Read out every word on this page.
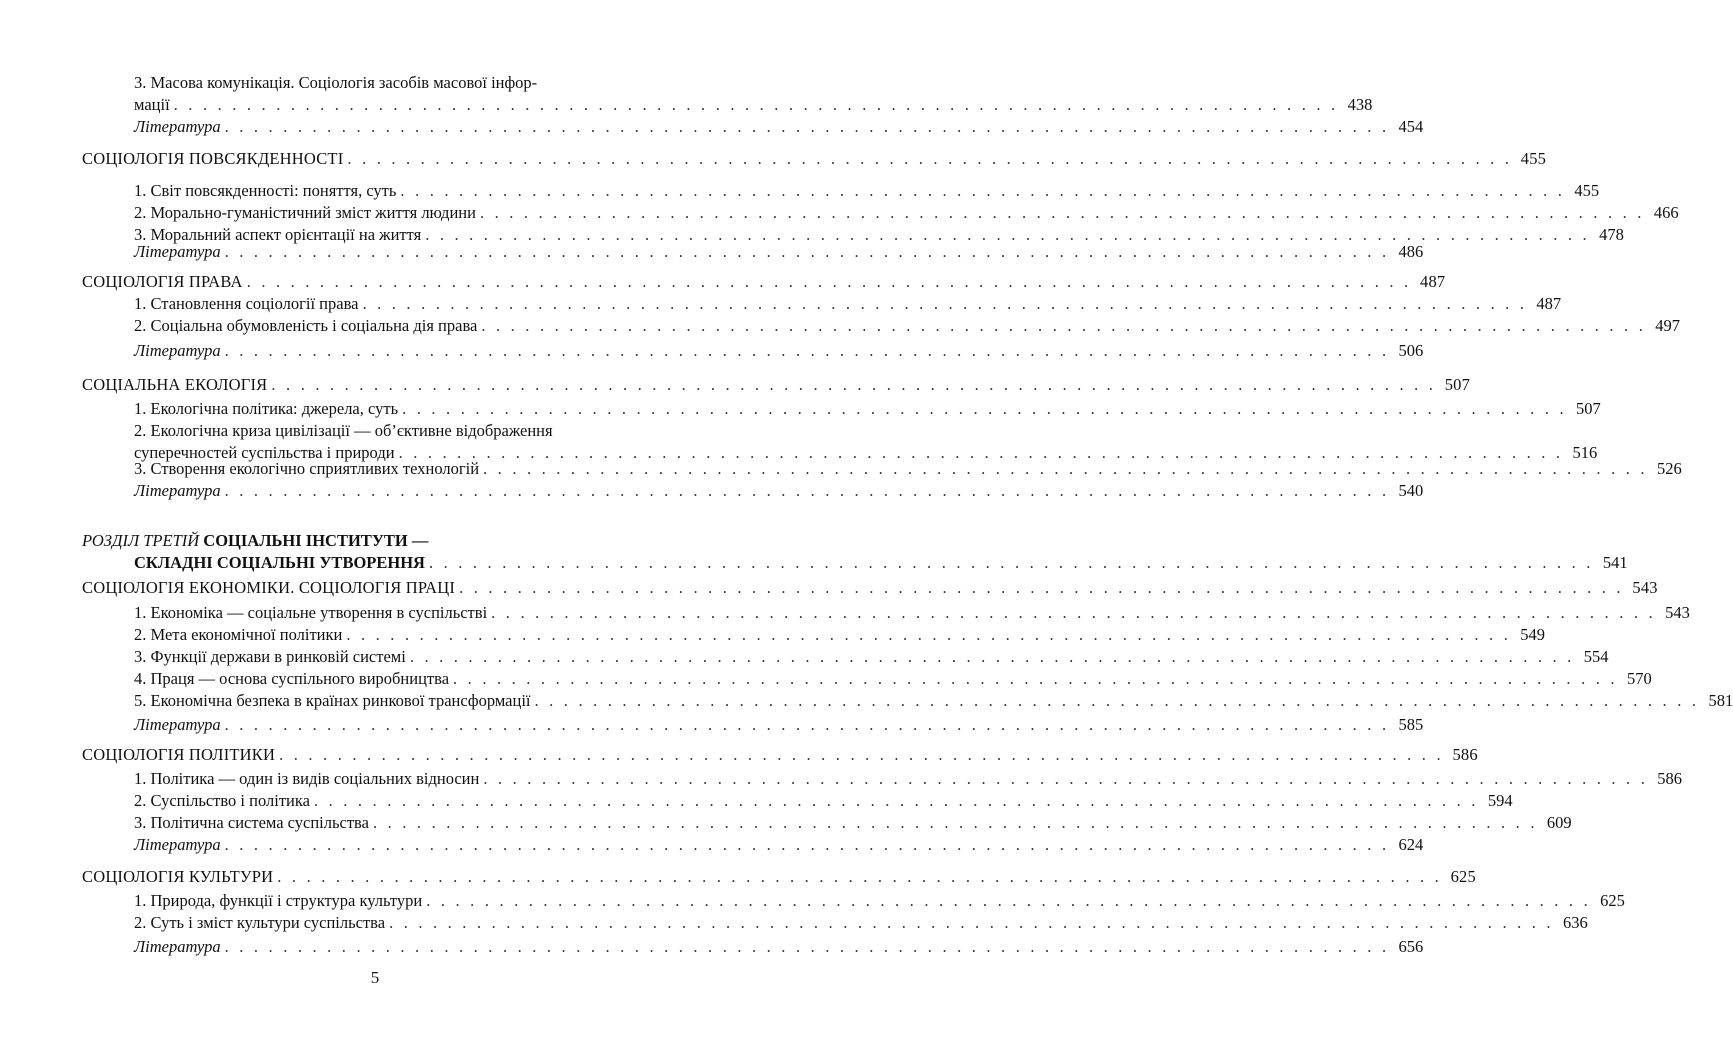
3. Масова комунікація. Соціологія засобів масової інфор-
мації . . . . . . . . . . . . . . . . . . . . . . . . . . . . . . . . . . . . . . . . . . . . . . . . . . . . . . . . . . . . . . . . . . . . . . . . . . . . . . . . 438
Література . . . . . . . . . . . . . . . . . . . . . . . . . . . . . . . . . . . . . . . . . . . . . . . . . . . . . . . . . . . . . . . . . . . . . . . . . . . . . . . . 454
СОЦІОЛОГІЯ ПОВСЯКДЕННОСТІ . . . . . . . . . . . . . . . . . . . . . . . . . . . . . . . . . . . . . . . . . . . . . . . . . . . . . . . . . . . . . . . . . . . . . . . . . . . . . . . . 455
1. Світ повсякденності: поняття, суть . . . . . . . . . . . . . . . . . . . . . . . . . . . . . . . . . . . . . . . . . . . . . . . . . . . . . . . . . . . . . . . . . . . . . . . . . . . . . . . . 455
2. Морально-гуманістичний зміст життя людини . . . . . . . . . . . . . . . . . . . . . . . . . . . . . . . . . . . . . . . . . . . . . . . . . . . . . . . . . . . . . . . . . . . . . . . . . . . . . . . . 466
3. Моральний аспект орієнтації на життя . . . . . . . . . . . . . . . . . . . . . . . . . . . . . . . . . . . . . . . . . . . . . . . . . . . . . . . . . . . . . . . . . . . . . . . . . . . . . . . . 478
Література . . . . . . . . . . . . . . . . . . . . . . . . . . . . . . . . . . . . . . . . . . . . . . . . . . . . . . . . . . . . . . . . . . . . . . . . . . . . . . . . 486
СОЦІОЛОГІЯ ПРАВА . . . . . . . . . . . . . . . . . . . . . . . . . . . . . . . . . . . . . . . . . . . . . . . . . . . . . . . . . . . . . . . . . . . . . . . . . . . . . . . . 487
1. Становлення соціології права . . . . . . . . . . . . . . . . . . . . . . . . . . . . . . . . . . . . . . . . . . . . . . . . . . . . . . . . . . . . . . . . . . . . . . . . . . . . . . . . 487
2. Соціальна обумовленість і соціальна дія права . . . . . . . . . . . . . . . . . . . . . . . . . . . . . . . . . . . . . . . . . . . . . . . . . . . . . . . . . . . . . . . . . . . . . . . . . . . . . . . . 497
Література . . . . . . . . . . . . . . . . . . . . . . . . . . . . . . . . . . . . . . . . . . . . . . . . . . . . . . . . . . . . . . . . . . . . . . . . . . . . . . . . 506
СОЦІАЛЬНА ЕКОЛОГІЯ . . . . . . . . . . . . . . . . . . . . . . . . . . . . . . . . . . . . . . . . . . . . . . . . . . . . . . . . . . . . . . . . . . . . . . . . . . . . . . . . 507
1. Екологічна політика: джерела, суть . . . . . . . . . . . . . . . . . . . . . . . . . . . . . . . . . . . . . . . . . . . . . . . . . . . . . . . . . . . . . . . . . . . . . . . . . . . . . . . . 507
2. Екологічна криза цивілізації — об’єктивне відображення
суперечностей суспільства і природи . . . . . . . . . . . . . . . . . . . . . . . . . . . . . . . . . . . . . . . . . . . . . . . . . . . . . . . . . . . . . . . . . . . . . . . . . . . . . . . . 516
3. Створення екологічно сприятливих технологій . . . . . . . . . . . . . . . . . . . . . . . . . . . . . . . . . . . . . . . . . . . . . . . . . . . . . . . . . . . . . . . . . . . . . . . . . . . . . . . . 526
Література . . . . . . . . . . . . . . . . . . . . . . . . . . . . . . . . . . . . . . . . . . . . . . . . . . . . . . . . . . . . . . . . . . . . . . . . . . . . . . . . 540
РОЗДІЛ ТРЕТІЙ СОЦІАЛЬНІ ІНСТИТУТИ —
СКЛАДНІ СОЦІАЛЬНІ УТВОРЕННЯ . . . . . . . . . . . . . . . . . . . . . . . . . . . . . . . . . . . . . . . . . . . . . . . . . . . . . . . . . . . . . . . . . . . . . . . . . . . . . . . . 541
СОЦІОЛОГІЯ ЕКОНОМІКИ. СОЦІОЛОГІЯ ПРАЦІ . . . . . . . . . . . . . . . . . . . . . . . . . . . . . . . . . . . . . . . . . . . . . . . . . . . . . . . . . . . . . . . . . . . . . . . . . . . . . . . . 543
1. Економіка — соціальне утворення в суспільстві . . . . . . . . . . . . . . . . . . . . . . . . . . . . . . . . . . . . . . . . . . . . . . . . . . . . . . . . . . . . . . . . . . . . . . . . . . . . . . . . 543
2. Мета економічної політики . . . . . . . . . . . . . . . . . . . . . . . . . . . . . . . . . . . . . . . . . . . . . . . . . . . . . . . . . . . . . . . . . . . . . . . . . . . . . . . . 549
3. Функції держави в ринковій системі . . . . . . . . . . . . . . . . . . . . . . . . . . . . . . . . . . . . . . . . . . . . . . . . . . . . . . . . . . . . . . . . . . . . . . . . . . . . . . . . 554
4. Праця — основа суспільного виробництва . . . . . . . . . . . . . . . . . . . . . . . . . . . . . . . . . . . . . . . . . . . . . . . . . . . . . . . . . . . . . . . . . . . . . . . . . . . . . . . . 570
5. Економічна безпека в країнах ринкової трансформації . . . . . . . . . . . . . . . . . . . . . . . . . . . . . . . . . . . . . . . . . . . . . . . . . . . . . . . . . . . . . . . . . . . . . . . . . . . . . . . . 581
Література . . . . . . . . . . . . . . . . . . . . . . . . . . . . . . . . . . . . . . . . . . . . . . . . . . . . . . . . . . . . . . . . . . . . . . . . . . . . . . . . 585
СОЦІОЛОГІЯ ПОЛІТИКИ . . . . . . . . . . . . . . . . . . . . . . . . . . . . . . . . . . . . . . . . . . . . . . . . . . . . . . . . . . . . . . . . . . . . . . . . . . . . . . . . 586
1. Політика — один із видів соціальних відносин . . . . . . . . . . . . . . . . . . . . . . . . . . . . . . . . . . . . . . . . . . . . . . . . . . . . . . . . . . . . . . . . . . . . . . . . . . . . . . . . 586
2. Суспільство і політика . . . . . . . . . . . . . . . . . . . . . . . . . . . . . . . . . . . . . . . . . . . . . . . . . . . . . . . . . . . . . . . . . . . . . . . . . . . . . . . . 594
3. Політична система суспільства . . . . . . . . . . . . . . . . . . . . . . . . . . . . . . . . . . . . . . . . . . . . . . . . . . . . . . . . . . . . . . . . . . . . . . . . . . . . . . . . 609
Література . . . . . . . . . . . . . . . . . . . . . . . . . . . . . . . . . . . . . . . . . . . . . . . . . . . . . . . . . . . . . . . . . . . . . . . . . . . . . . . . 624
СОЦІОЛОГІЯ КУЛЬТУРИ . . . . . . . . . . . . . . . . . . . . . . . . . . . . . . . . . . . . . . . . . . . . . . . . . . . . . . . . . . . . . . . . . . . . . . . . . . . . . . . . 625
1. Природа, функції і структура культури . . . . . . . . . . . . . . . . . . . . . . . . . . . . . . . . . . . . . . . . . . . . . . . . . . . . . . . . . . . . . . . . . . . . . . . . . . . . . . . . 625
2. Суть і зміст культури суспільства . . . . . . . . . . . . . . . . . . . . . . . . . . . . . . . . . . . . . . . . . . . . . . . . . . . . . . . . . . . . . . . . . . . . . . . . . . . . . . . . 636
Література . . . . . . . . . . . . . . . . . . . . . . . . . . . . . . . . . . . . . . . . . . . . . . . . . . . . . . . . . . . . . . . . . . . . . . . . . . . . . . . . 656
5
